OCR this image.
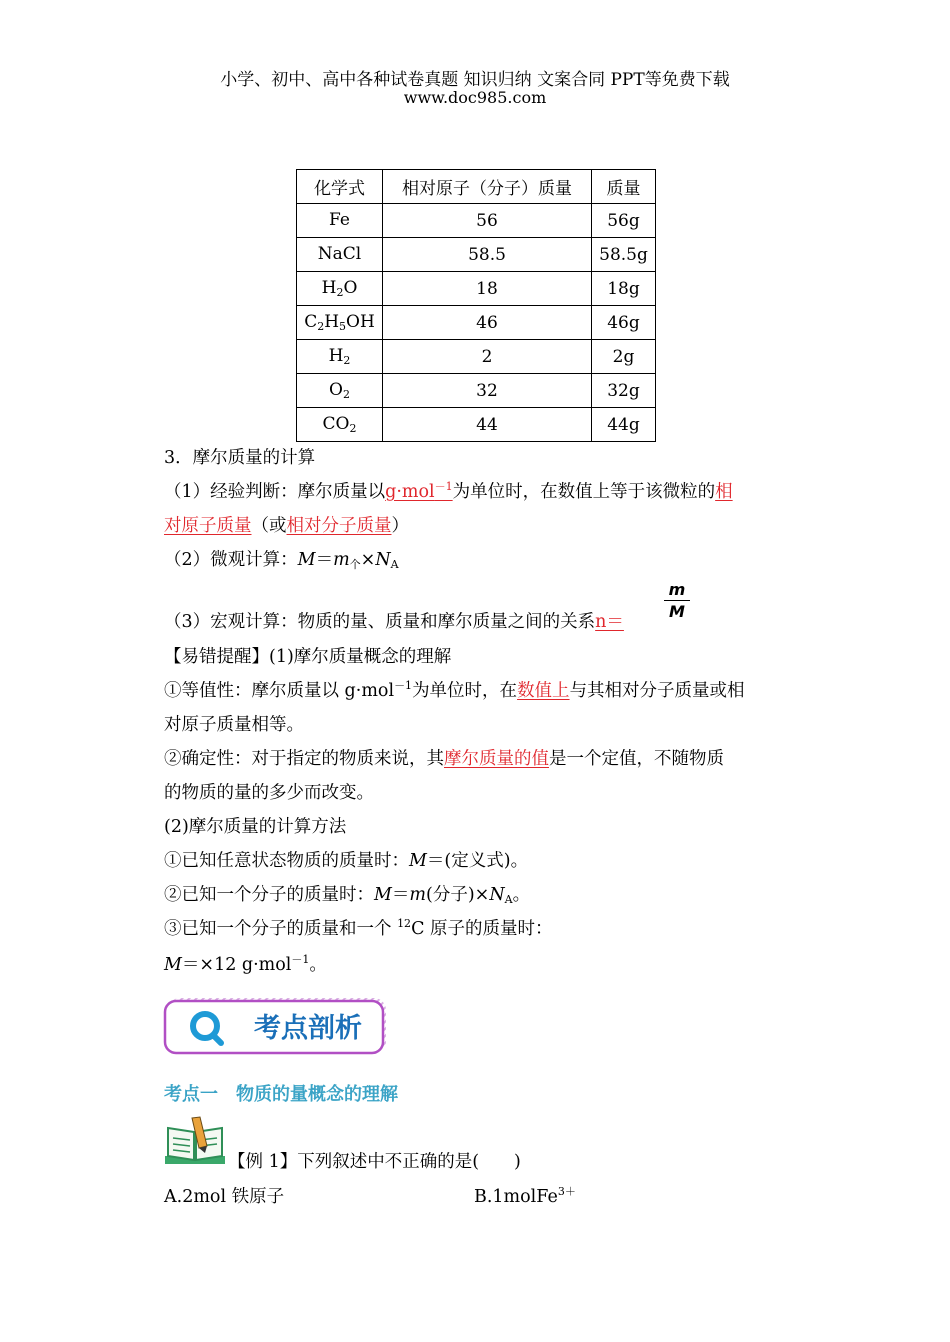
小学、初中、高中各种试卷真题 知识归纳 文案合同 PPT等免费下载
www.doc985.com
化学式	相对原子（分子）质量	质量
Fe	56	56g
NaCl	58.5	58.5g
$H_2O$	18	18g
$C_2H_5OH$	46	46g
$H_2$	2	2g
$O_2$	32	32g
$CO_2$	44	44g
3．摩尔质量的计算
（1）经验判断：摩尔质量以g·mol$^{-1}$为单位时，在数值上等于该微粒的相
对原子质量（或相对分子质量）
（2）微观计算：$M=m_个\times N_A$
（3）宏观计算：物质的量、质量和摩尔质量之间的关系n＝	$\frac{m}{M}$
【易错提醒】(1)摩尔质量概念的理解
①等值性：摩尔质量以 g·mol$^{-1}$为单位时，在数值上与其相对分子质量或相
对原子质量相等。
②确定性：对于指定的物质来说，其摩尔质量的值是一个定值，不随物质
的物质的量的多少而改变。
(2)摩尔质量的计算方法
①已知任意状态物质的质量时：M＝(定义式)。
②已知一个分子的质量时：M＝m(分子)$\times N_A$。
③已知一个分子的质量和一个 $^{12}$C 原子的质量时：
M＝×12 g·mol$^{-1}$。
考点剖析
考点一　物质的量概念的理解
【例 1】下列叙述中不正确的是(　　)
A.2mol 铁原子	B.1molFe$^{3+}$
